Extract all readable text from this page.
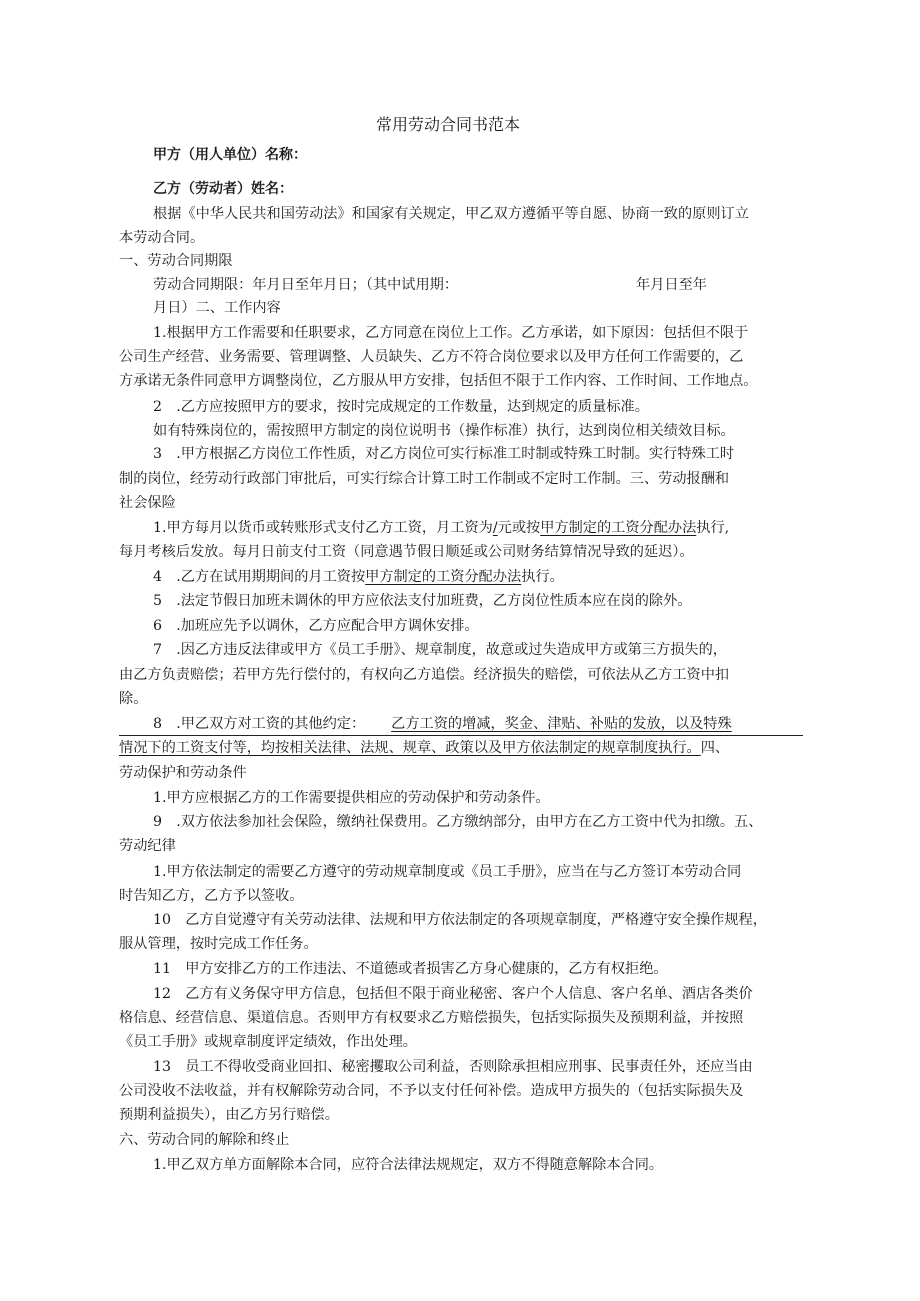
常用劳动合同书范本
甲方（用人单位）名称：
乙方（劳动者）姓名：
根据《中华人民共和国劳动法》和国家有关规定，甲乙双方遵循平等自愿、协商一致的原则订立
本劳动合同。
一、劳动合同期限
劳动合同期限：年月日至年月日；（其中试用期：	年月日至年
月日）二、工作内容
1.根据甲方工作需要和任职要求，乙方同意在岗位上工作。乙方承诺，如下原因：包括但不限于
公司生产经营、业务需要、管理调整、人员缺失、乙方不符合岗位要求以及甲方任何工作需要的，乙
方承诺无条件同意甲方调整岗位，乙方服从甲方安排，包括但不限于工作内容、工作时间、工作地点。
2　.乙方应按照甲方的要求，按时完成规定的工作数量，达到规定的质量标准。
如有特殊岗位的，需按照甲方制定的岗位说明书（操作标准）执行，达到岗位相关绩效目标。
3　.甲方根据乙方岗位工作性质，对乙方岗位可实行标准工时制或特殊工时制。实行特殊工时
制的岗位，经劳动行政部门审批后，可实行综合计算工时工作制或不定时工作制。三、劳动报酬和
社会保险
1.甲方每月以货币或转账形式支付乙方工资，月工资为/元或按甲方制定的工资分配办法执行,
每月考核后发放。每月日前支付工资（同意遇节假日顺延或公司财务结算情况导致的延迟）。
4　.乙方在试用期期间的月工资按甲方制定的工资分配办法执行。
5　.法定节假日加班未调休的甲方应依法支付加班费，乙方岗位性质本应在岗的除外。
6　.加班应先予以调休，乙方应配合甲方调休安排。
7　.因乙方违反法律或甲方《员工手册》、规章制度，故意或过失造成甲方或第三方损失的，
由乙方负责赔偿；若甲方先行偿付的，有权向乙方追偿。经济损失的赔偿，可依法从乙方工资中扣
除。
8　.甲乙双方对工资的其他约定： 乙方工资的增减，奖金、津贴、补贴的发放，以及特殊
情况下的工资支付等，均按相关法律、法规、规章、政策以及甲方依法制定的规章制度执行。四、
劳动保护和劳动条件
1.甲方应根据乙方的工作需要提供相应的劳动保护和劳动条件。
9　.双方依法参加社会保险，缴纳社保费用。乙方缴纳部分，由甲方在乙方工资中代为扣缴。五、
劳动纪律
1.甲方依法制定的需要乙方遵守的劳动规章制度或《员工手册》，应当在与乙方签订本劳动合同
时告知乙方，乙方予以签收。
10　乙方自觉遵守有关劳动法律、法规和甲方依法制定的各项规章制度，严格遵守安全操作规程，
服从管理，按时完成工作任务。
11　甲方安排乙方的工作违法、不道德或者损害乙方身心健康的，乙方有权拒绝。
12　乙方有义务保守甲方信息，包括但不限于商业秘密、客户个人信息、客户名单、酒店各类价
格信息、经营信息、渠道信息。否则甲方有权要求乙方赔偿损失，包括实际损失及预期利益，并按照
《员工手册》或规章制度评定绩效，作出处理。
13　员工不得收受商业回扣、秘密攫取公司利益，否则除承担相应刑事、民事责任外，还应当由
公司没收不法收益，并有权解除劳动合同，不予以支付任何补偿。造成甲方损失的（包括实际损失及
预期利益损失），由乙方另行赔偿。
六、劳动合同的解除和终止
1.甲乙双方单方面解除本合同，应符合法律法规规定，双方不得随意解除本合同。
